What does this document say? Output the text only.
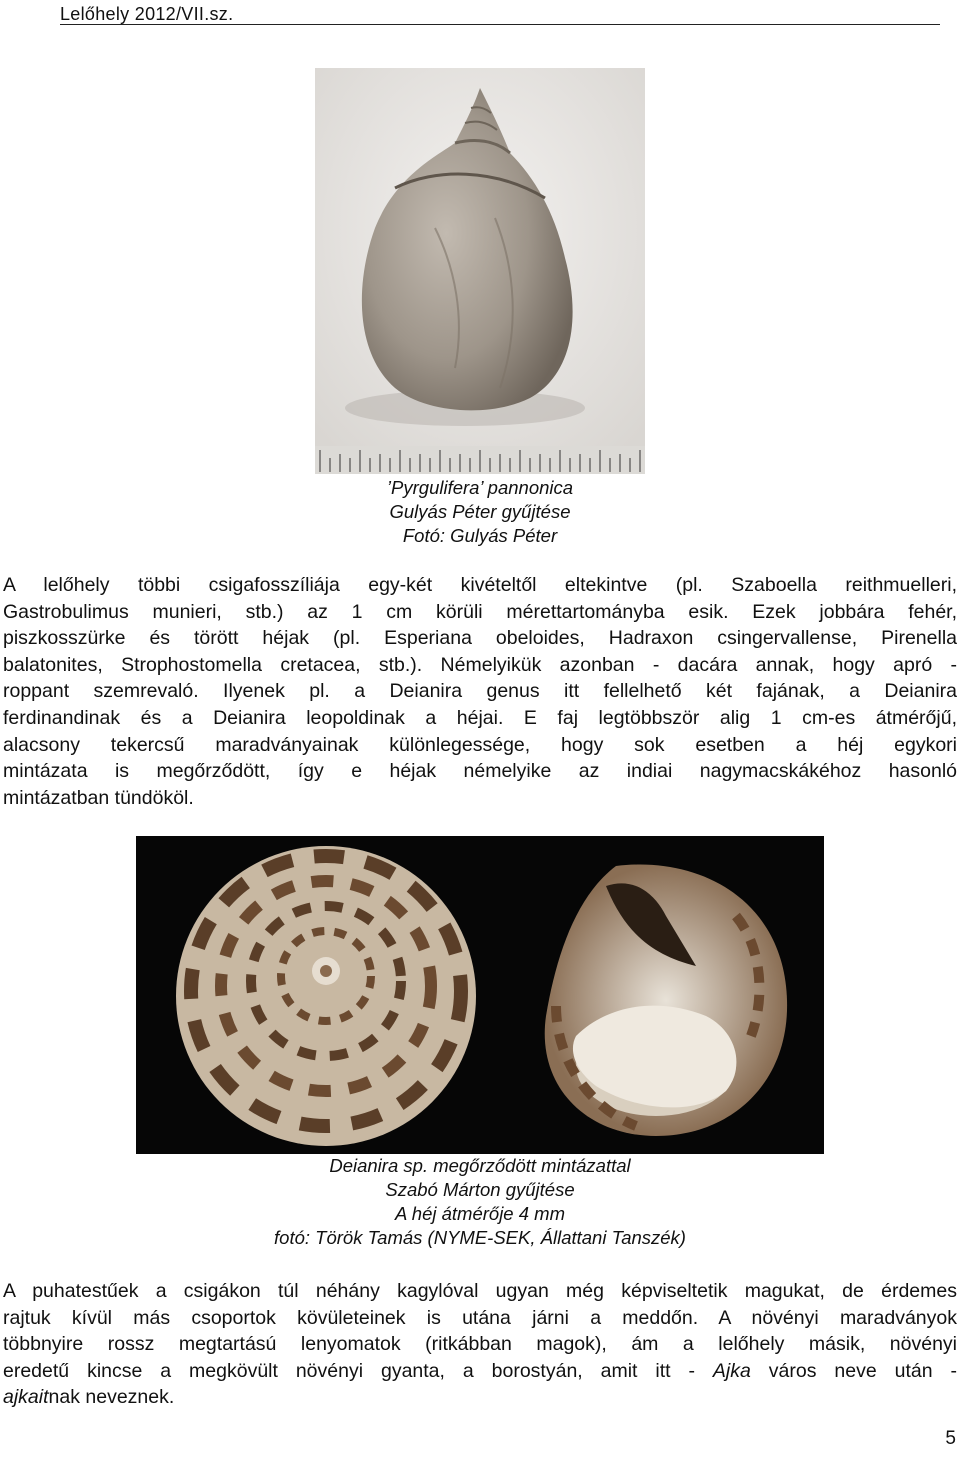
Lelőhely 2012/VII.sz.
’Pyrgulifera’ pannonica
Gulyás Péter gyűjtése
Fotó: Gulyás Péter
A lelőhely többi csigafosszíliája egy-két kivételtől eltekintve (pl. Szaboella reithmuelleri,
Gastrobulimus munieri, stb.) az 1 cm körüli mérettartományba esik. Ezek jobbára fehér,
piszkosszürke és törött héjak (pl. Esperiana obeloides, Hadraxon csingervallense, Pirenella
balatonites, Strophostomella cretacea, stb.). Némelyikük azonban - dacára annak, hogy apró -
roppant szemrevaló. Ilyenek pl. a Deianira genus itt fellelhető két fajának, a Deianira
ferdinandinak és a Deianira leopoldinak a héjai. E faj legtöbbször alig 1 cm-es átmérőjű,
alacsony tekercsű maradványainak különlegessége, hogy sok esetben a héj egykori
mintázata is megőrződött, így e héjak némelyike az indiai nagymacskákéhoz hasonló
mintázatban tündököl.
Deianira sp. megőrződött mintázattal
Szabó Márton gyűjtése
A héj átmérője 4 mm
fotó: Török Tamás (NYME-SEK, Állattani Tanszék)
A puhatestűek a csigákon túl néhány kagylóval ugyan még képviseltetik magukat, de érdemes
rajtuk kívül más csoportok kövületeinek is utána járni a meddőn. A növényi maradványok
többnyire rossz megtartású lenyomatok (ritkábban magok), ám a lelőhely másik, növényi
eredetű kincse a megkövült növényi gyanta, a borostyán, amit itt - Ajka város neve után -
ajkaitnak neveznek.
5
